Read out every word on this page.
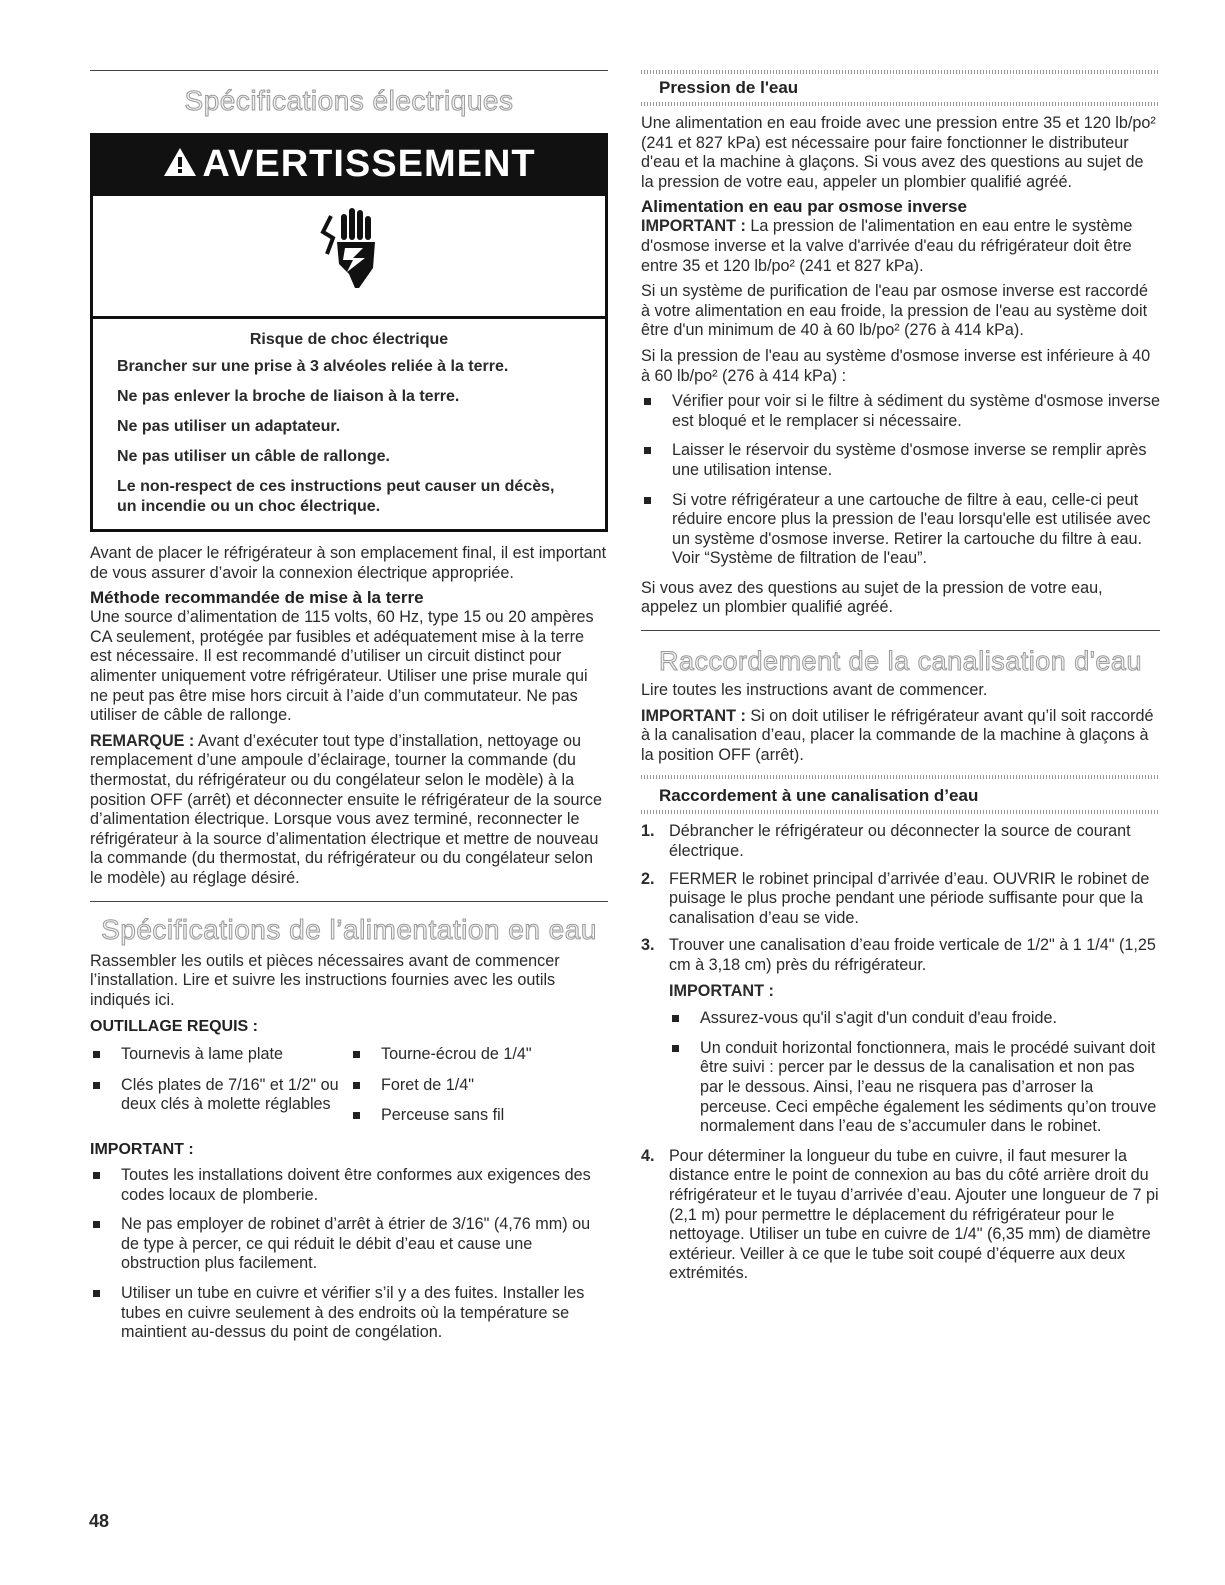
Spécifications électriques
AVERTISSEMENT
Risque de choc électrique
Brancher sur une prise à 3 alvéoles reliée à la terre.
Ne pas enlever la broche de liaison à la terre.
Ne pas utiliser un adaptateur.
Ne pas utiliser un câble de rallonge.
Le non-respect de ces instructions peut causer un décès, un incendie ou un choc électrique.

Avant de placer le réfrigérateur à son emplacement final, il est important de vous assurer d’avoir la connexion électrique appropriée.

Méthode recommandée de mise à la terre

Une source d’alimentation de 115 volts, 60 Hz, type 15 ou 20 ampères CA seulement, protégée par fusibles et adéquatement mise à la terre est nécessaire. Il est recommandé d’utiliser un circuit distinct pour alimenter uniquement votre réfrigérateur. Utiliser une prise murale qui ne peut pas être mise hors circuit à l’aide d’un commutateur. Ne pas utiliser de câble de rallonge.

REMARQUE : Avant d’exécuter tout type d’installation, nettoyage ou remplacement d’une ampoule d’éclairage, tourner la commande (du thermostat, du réfrigérateur ou du congélateur selon le modèle) à la position OFF (arrêt) et déconnecter ensuite le réfrigérateur de la source d’alimentation électrique. Lorsque vous avez terminé, reconnecter le réfrigérateur à la source d’alimentation électrique et mettre de nouveau la commande (du thermostat, du réfrigérateur ou du congélateur selon le modèle) au réglage désiré.

Spécifications de l’alimentation en eau

Rassembler les outils et pièces nécessaires avant de commencer l’installation. Lire et suivre les instructions fournies avec les outils indiqués ici.

OUTILLAGE REQUIS :
Tournevis à lame plate
Clés plates de 7/16" et 1/2" ou deux clés à molette réglables
Tourne-écrou de 1/4"
Foret de 1/4"
Perceuse sans fil
IMPORTANT :
Toutes les installations doivent être conformes aux exigences des codes locaux de plomberie.
Ne pas employer de robinet d’arrêt à étrier de 3/16" (4,76 mm) ou de type à percer, ce qui réduit le débit d’eau et cause une obstruction plus facilement.
Utiliser un tube en cuivre et vérifier s’il y a des fuites. Installer les tubes en cuivre seulement à des endroits où la température se maintient au-dessus du point de congélation.
Pression de l'eau

Une alimentation en eau froide avec une pression entre 35 et 120 lb/po² (241 et 827 kPa) est nécessaire pour faire fonctionner le distributeur d'eau et la machine à glaçons. Si vous avez des questions au sujet de la pression de votre eau, appeler un plombier qualifié agréé.

Alimentation en eau par osmose inverse

IMPORTANT : La pression de l'alimentation en eau entre le système d'osmose inverse et la valve d'arrivée d'eau du réfrigérateur doit être entre 35 et 120 lb/po² (241 et 827 kPa).

Si un système de purification de l'eau par osmose inverse est raccordé à votre alimentation en eau froide, la pression de l'eau au système doit être d'un minimum de 40 à 60 lb/po² (276 à 414 kPa).

Si la pression de l'eau au système d'osmose inverse est inférieure à 40 à 60 lb/po² (276 à 414 kPa) :

Vérifier pour voir si le filtre à sédiment du système d'osmose inverse est bloqué et le remplacer si nécessaire.
Laisser le réservoir du système d'osmose inverse se remplir après une utilisation intense.
Si votre réfrigérateur a une cartouche de filtre à eau, celle-ci peut réduire encore plus la pression de l'eau lorsqu'elle est utilisée avec un système d'osmose inverse. Retirer la cartouche du filtre à eau. Voir “Système de filtration de l'eau”.

Si vous avez des questions au sujet de la pression de votre eau, appelez un plombier qualifié agréé.

Raccordement de la canalisation d'eau

Lire toutes les instructions avant de commencer.

IMPORTANT : Si on doit utiliser le réfrigérateur avant qu’il soit raccordé à la canalisation d’eau, placer la commande de la machine à glaçons à la position OFF (arrêt).

Raccordement à une canalisation d’eau
1. Débrancher le réfrigérateur ou déconnecter la source de courant électrique.
2. FERMER le robinet principal d’arrivée d’eau. OUVRIR le robinet de puisage le plus proche pendant une période suffisante pour que la canalisation d’eau se vide.
3. Trouver une canalisation d’eau froide verticale de 1/2" à 1 1/4" (1,25 cm à 3,18 cm) près du réfrigérateur.
IMPORTANT :
Assurez-vous qu'il s'agit d'un conduit d'eau froide.
Un conduit horizontal fonctionnera, mais le procédé suivant doit être suivi : percer par le dessus de la canalisation et non pas par le dessous. Ainsi, l’eau ne risquera pas d’arroser la perceuse. Ceci empêche également les sédiments qu’on trouve normalement dans l’eau de s’accumuler dans le robinet.
4. Pour déterminer la longueur du tube en cuivre, il faut mesurer la distance entre le point de connexion au bas du côté arrière droit du réfrigérateur et le tuyau d’arrivée d’eau. Ajouter une longueur de 7 pi (2,1 m) pour permettre le déplacement du réfrigérateur pour le nettoyage. Utiliser un tube en cuivre de 1/4" (6,35 mm) de diamètre extérieur. Veiller à ce que le tube soit coupé d’équerre aux deux extrémités.
48
